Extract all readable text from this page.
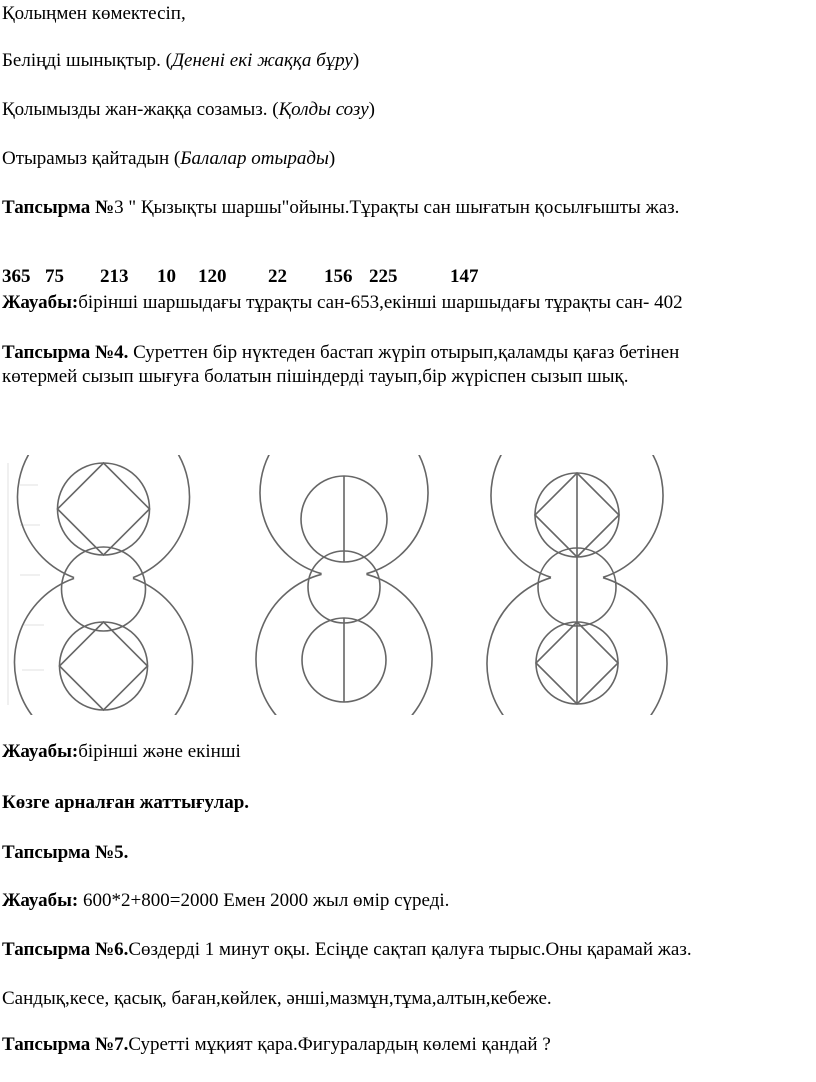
Қолыңмен көмектесіп,
Беліңді шынықтыр. (Денені екі жаққа бұру)
Қолымызды жан-жаққа созамыз. (Қолды созу)
Отырамыз қайтадын (Балалар отырады)
Тапсырма №3 " Қызықты шаршы"ойыны.Тұрақты сан шығатын қосылғышты жаз.
365 75 213 10 120 22 156 225	147
Жауабы:бірінші шаршыдағы тұрақты сан-653,екінші шаршыдағы тұрақты сан- 402
Тапсырма №4. Суреттен бір нүктеден бастап жүріп отырып,қаламды қағаз бетінен
көтермей сызып шығуға болатын пішіндерді тауып,бір жүріспен сызып шық.
Жауабы:бірінші және екінші
Көзге арналған жаттығулар.
Тапсырма №5.
Жауабы: 600*2+800=2000 Емен 2000 жыл өмір сүреді.
Тапсырма №6.Сөздерді 1 минут оқы. Есіңде сақтап қалуға тырыс.Оны қарамай жаз.
Сандық,кесе, қасық, баған,көйлек, әнші,мазмұн,тұма,алтын,кебеже.
Тапсырма №7.Суретті мұқият қара.Фигуралардың көлемі қандай ?
